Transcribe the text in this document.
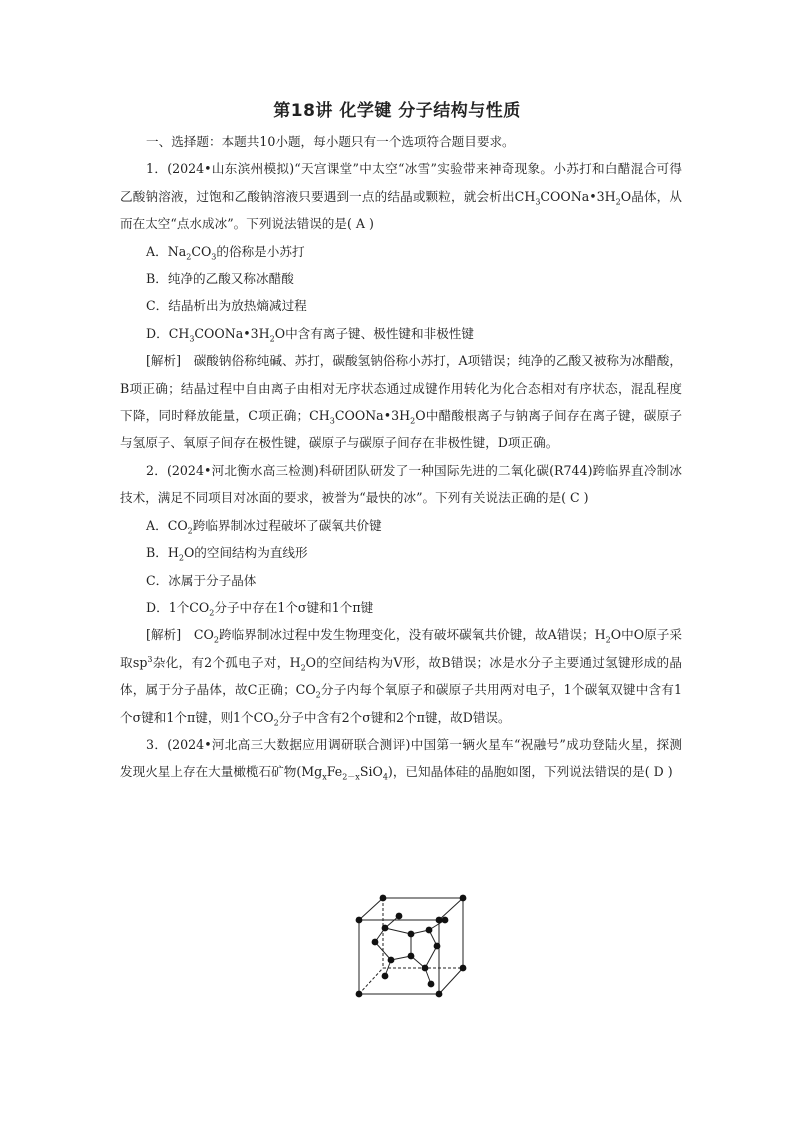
第18讲 化学键 分子结构与性质

一、选择题：本题共10小题，每小题只有一个选项符合题目要求。

1．(2024•山东滨州模拟)“天宫课堂”中太空“冰雪”实验带来神奇现象。小苏打和白醋混合可得乙酸钠溶液，过饱和乙酸钠溶液只要遇到一点的结晶或颗粒，就会析出$CH_3COONa•3H_2O$晶体，从而在太空“点水成冰”。下列说法错误的是( A )

A．$Na_2CO_3$的俗称是小苏打

B．纯净的乙酸又称冰醋酸

C．结晶析出为放热熵减过程

D．$CH_3COONa•3H_2O$中含有离子键、极性键和非极性键

[解析]　碳酸钠俗称纯碱、苏打，碳酸氢钠俗称小苏打，A项错误；纯净的乙酸又被称为冰醋酸，B项正确；结晶过程中自由离子由相对无序状态通过成键作用转化为化合态相对有序状态，混乱程度下降，同时释放能量，C项正确；$CH_3COONa•3H_2O$中醋酸根离子与钠离子间存在离子键，碳原子与氢原子、氧原子间存在极性键，碳原子与碳原子间存在非极性键，D项正确。

2．(2024•河北衡水高三检测)科研团队研发了一种国际先进的二氧化碳(R744)跨临界直冷制冰技术，满足不同项目对冰面的要求，被誉为“最快的冰”。下列有关说法正确的是( C )

A．$CO_2$跨临界制冰过程破坏了碳氧共价键

B．$H_2O$的空间结构为直线形

C．冰属于分子晶体

D．1个$CO_2$分子中存在1个σ键和1个π键

[解析]　$CO_2$跨临界制冰过程中发生物理变化，没有破坏碳氧共价键，故A错误；$H_2O$中O原子采取$sp^3$杂化，有2个孤电子对，$H_2O$的空间结构为V形，故B错误；冰是水分子主要通过氢键形成的晶体，属于分子晶体，故C正确；$CO_2$分子内每个氧原子和碳原子共用两对电子，1个碳氧双键中含有1个σ键和1个π键，则1个$CO_2$分子中含有2个σ键和2个π键，故D错误。

3．(2024•河北高三大数据应用调研联合测评)中国第一辆火星车“祝融号”成功登陆火星，探测发现火星上存在大量橄榄石矿物$(Mg_xFe_{2-x}SiO_4)$，已知晶体硅的晶胞如图，下列说法错误的是( D )
